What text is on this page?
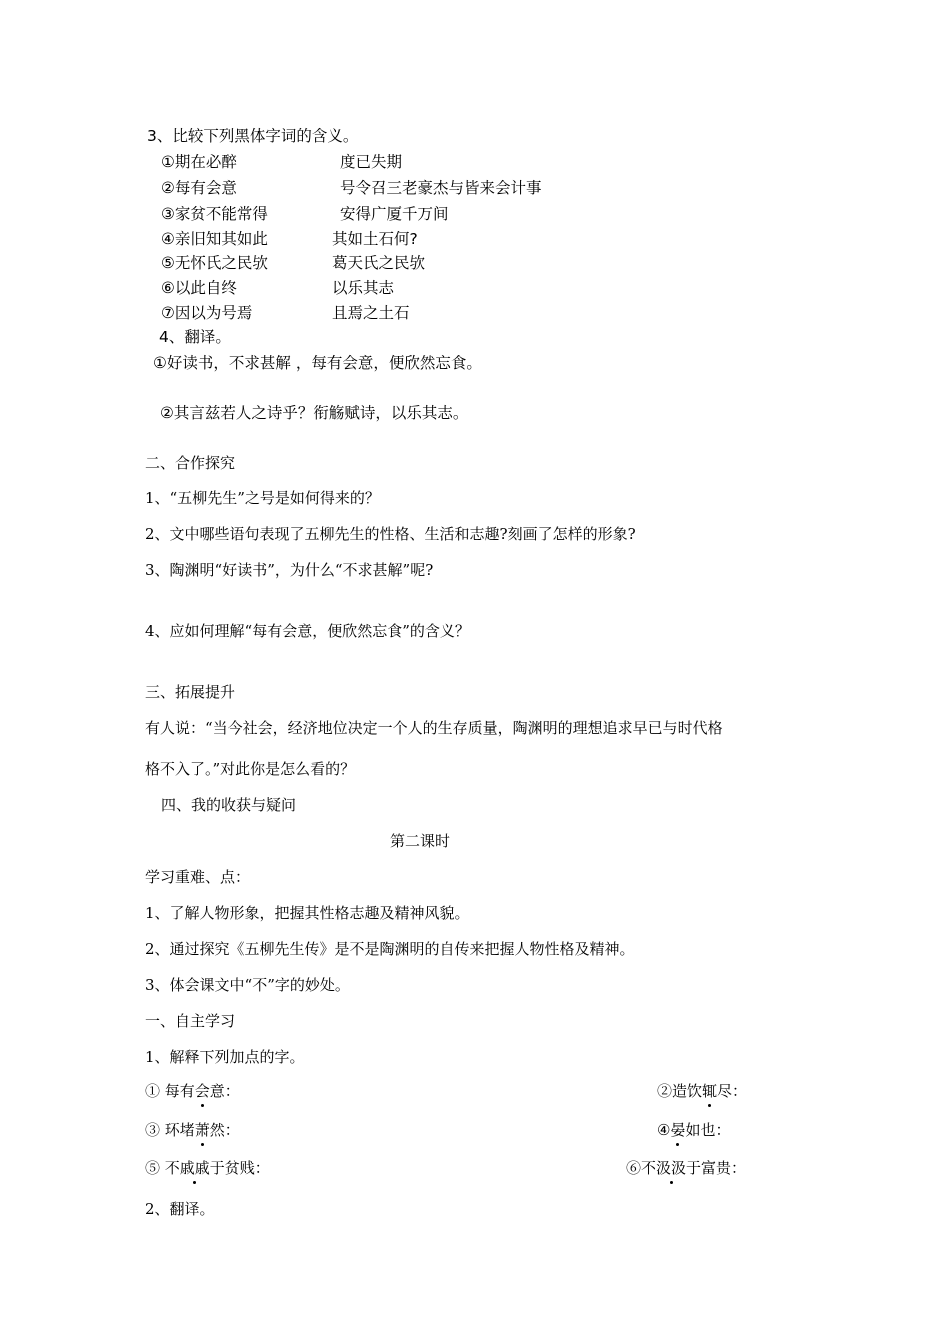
3、比较下列黑体字词的含义。
①期在必醉	度已失期
②每有会意	号令召三老豪杰与皆来会计事
③家贫不能常得	安得广厦千万间
④亲旧知其如此	其如土石何?
⑤无怀氏之民欤	葛天氏之民欤
⑥以此自终	以乐其志
⑦因以为号焉	且焉之土石
4、翻译。
①好读书，不求甚解 ，每有会意，便欣然忘食。
②其言兹若人之诗乎？衔觞赋诗，以乐其志。
二、合作探究
1、“五柳先生”之号是如何得来的？
2、文中哪些语句表现了五柳先生的性格、生活和志趣?刻画了怎样的形象?
3、陶渊明“好读书”，为什么“不求甚解”呢?
4、应如何理解“每有会意，便欣然忘食”的含义？
三、拓展提升
有人说：“当今社会，经济地位决定一个人的生存质量，陶渊明的理想追求早已与时代格
格不入了。”对此你是怎么看的？
四、我的收获与疑问
第二课时
学习重难、点：
1、了解人物形象，把握其性格志趣及精神风貌。
2、通过探究《五柳先生传》是不是陶渊明的自传来把握人物性格及精神。
3、体会课文中“不”字的妙处。
一、自主学习
1、解释下列加点的字。
① 每有会意：	②造饮辄尽：
③ 环堵萧然：	④晏如也：
⑤ 不戚戚于贫贱：	⑥不汲汲于富贵：
2、翻译。
